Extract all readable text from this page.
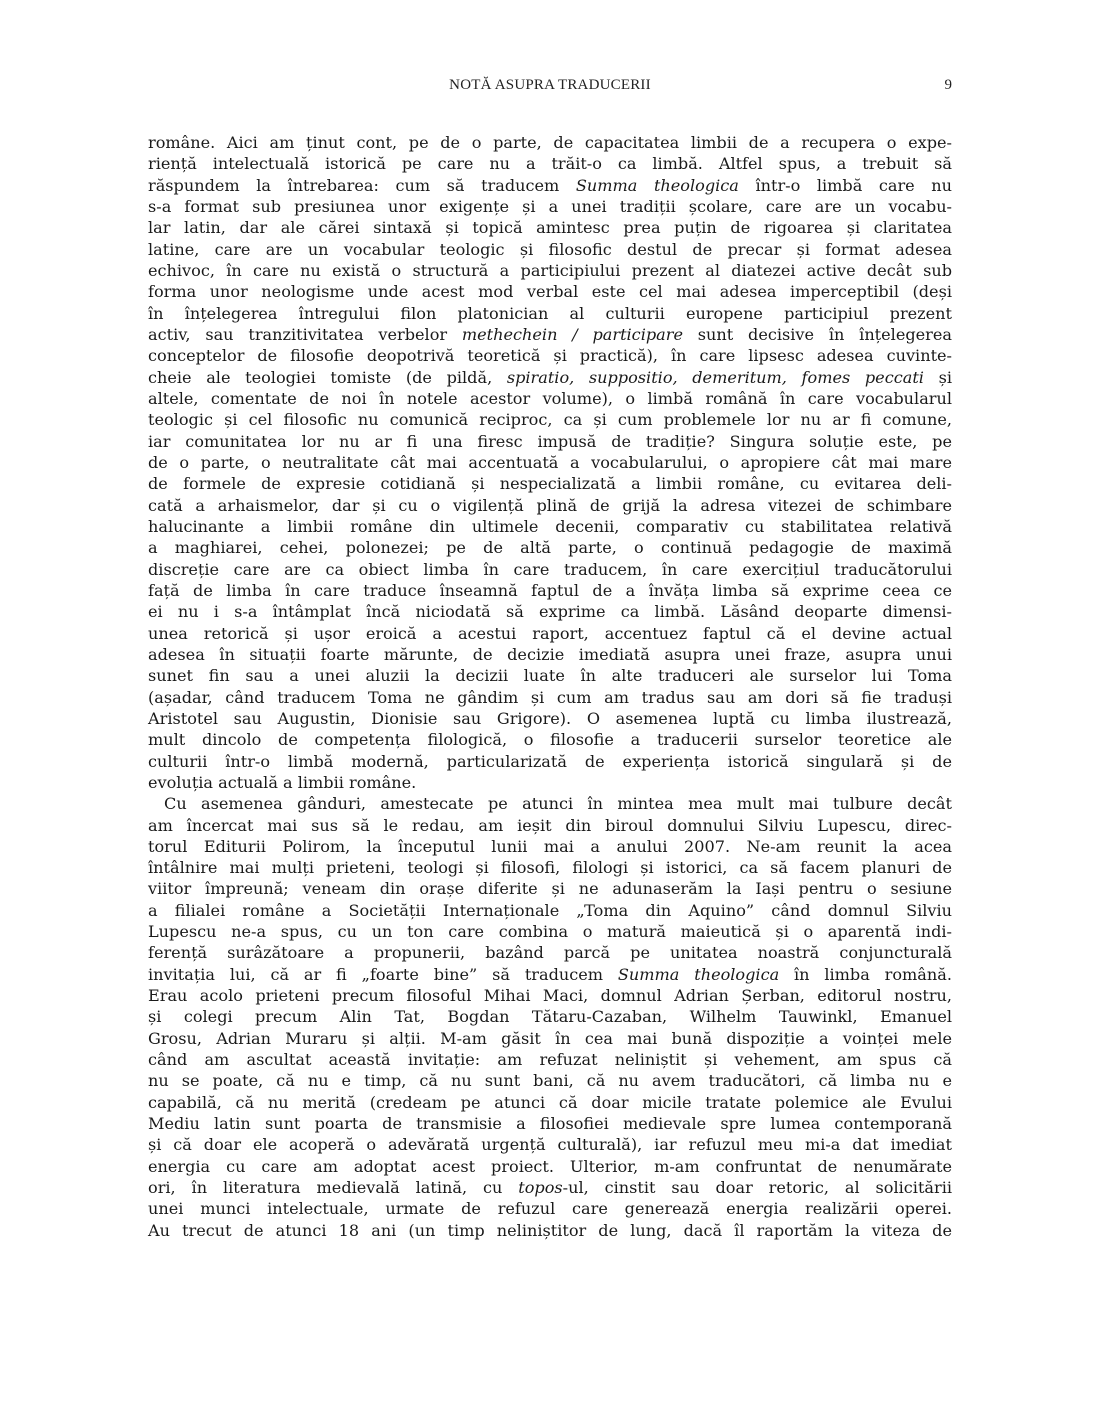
NOTĂ ASUPRA TRADUCERII	9
române. Aici am ținut cont, pe de o parte, de capacitatea limbii de a recupera o expe-
riență intelectuală istorică pe care nu a trăit-o ca limbă. Altfel spus, a trebuit să
răspundem la întrebarea: cum să traducem Summa theologica într-o limbă care nu
s-a format sub presiunea unor exigențe și a unei tradiții școlare, care are un vocabu-
lar latin, dar ale cărei sintaxă și topică amintesc prea puțin de rigoarea și claritatea
latine, care are un vocabular teologic și filosofic destul de precar și format adesea
echivoc, în care nu există o structură a participiului prezent al diatezei active decât sub
forma unor neologisme unde acest mod verbal este cel mai adesea imperceptibil (deși
în înțelegerea întregului filon platonician al culturii europene participiul prezent
activ, sau tranzitivitatea verbelor methechein / participare sunt decisive în înțelegerea
conceptelor de filosofie deopotrivă teoretică și practică), în care lipsesc adesea cuvinte-
cheie ale teologiei tomiste (de pildă, spiratio, suppositio, demeritum, fomes peccati și
altele, comentate de noi în notele acestor volume), o limbă română în care vocabularul
teologic și cel filosofic nu comunică reciproc, ca și cum problemele lor nu ar fi comune,
iar comunitatea lor nu ar fi una firesc impusă de tradiție? Singura soluție este, pe
de o parte, o neutralitate cât mai accentuată a vocabularului, o apropiere cât mai mare
de formele de expresie cotidiană și nespecializată a limbii române, cu evitarea deli-
cată a arhaismelor, dar și cu o vigilență plină de grijă la adresa vitezei de schimbare
halucinante a limbii române din ultimele decenii, comparativ cu stabilitatea relativă
a maghiarei, cehei, polonezei; pe de altă parte, o continuă pedagogie de maximă
discreție care are ca obiect limba în care traducem, în care exercițiul traducătorului
față de limba în care traduce înseamnă faptul de a învăța limba să exprime ceea ce
ei nu i s-a întâmplat încă niciodată să exprime ca limbă. Lăsând deoparte dimensi-
unea retorică și ușor eroică a acestui raport, accentuez faptul că el devine actual
adesea în situații foarte mărunte, de decizie imediată asupra unei fraze, asupra unui
sunet fin sau a unei aluzii la decizii luate în alte traduceri ale surselor lui Toma
(așadar, când traducem Toma ne gândim și cum am tradus sau am dori să fie traduși
Aristotel sau Augustin, Dionisie sau Grigore). O asemenea luptă cu limba ilustrează,
mult dincolo de competența filologică, o filosofie a traducerii surselor teoretice ale
culturii într-o limbă modernă, particularizată de experiența istorică singulară și de
evoluția actuală a limbii române.
Cu asemenea gânduri, amestecate pe atunci în mintea mea mult mai tulbure decât
am încercat mai sus să le redau, am ieșit din biroul domnului Silviu Lupescu, direc-
torul Editurii Polirom, la începutul lunii mai a anului 2007. Ne-am reunit la acea
întâlnire mai mulți prieteni, teologi și filosofi, filologi și istorici, ca să facem planuri de
viitor împreună; veneam din orașe diferite și ne adunaserăm la Iași pentru o sesiune
a filialei române a Societății Internaționale „Toma din Aquino” când domnul Silviu
Lupescu ne-a spus, cu un ton care combina o matură maieutică și o aparentă indi-
ferență surâzătoare a propunerii, bazând parcă pe unitatea noastră conjuncturală
invitația lui, că ar fi „foarte bine” să traducem Summa theologica în limba română.
Erau acolo prieteni precum filosoful Mihai Maci, domnul Adrian Șerban, editorul nostru,
și colegi precum Alin Tat, Bogdan Tătaru-Cazaban, Wilhelm Tauwinkl, Emanuel
Grosu, Adrian Muraru și alții. M-am găsit în cea mai bună dispoziție a voinței mele
când am ascultat această invitație: am refuzat neliniștit și vehement, am spus că
nu se poate, că nu e timp, că nu sunt bani, că nu avem traducători, că limba nu e
capabilă, că nu merită (credeam pe atunci că doar micile tratate polemice ale Evului
Mediu latin sunt poarta de transmisie a filosofiei medievale spre lumea contemporană
și că doar ele acoperă o adevărată urgență culturală), iar refuzul meu mi-a dat imediat
energia cu care am adoptat acest proiect. Ulterior, m-am confruntat de nenumărate
ori, în literatura medievală latină, cu topos-ul, cinstit sau doar retoric, al solicitării
unei munci intelectuale, urmate de refuzul care generează energia realizării operei.
Au trecut de atunci 18 ani (un timp neliniștitor de lung, dacă îl raportăm la viteza de
